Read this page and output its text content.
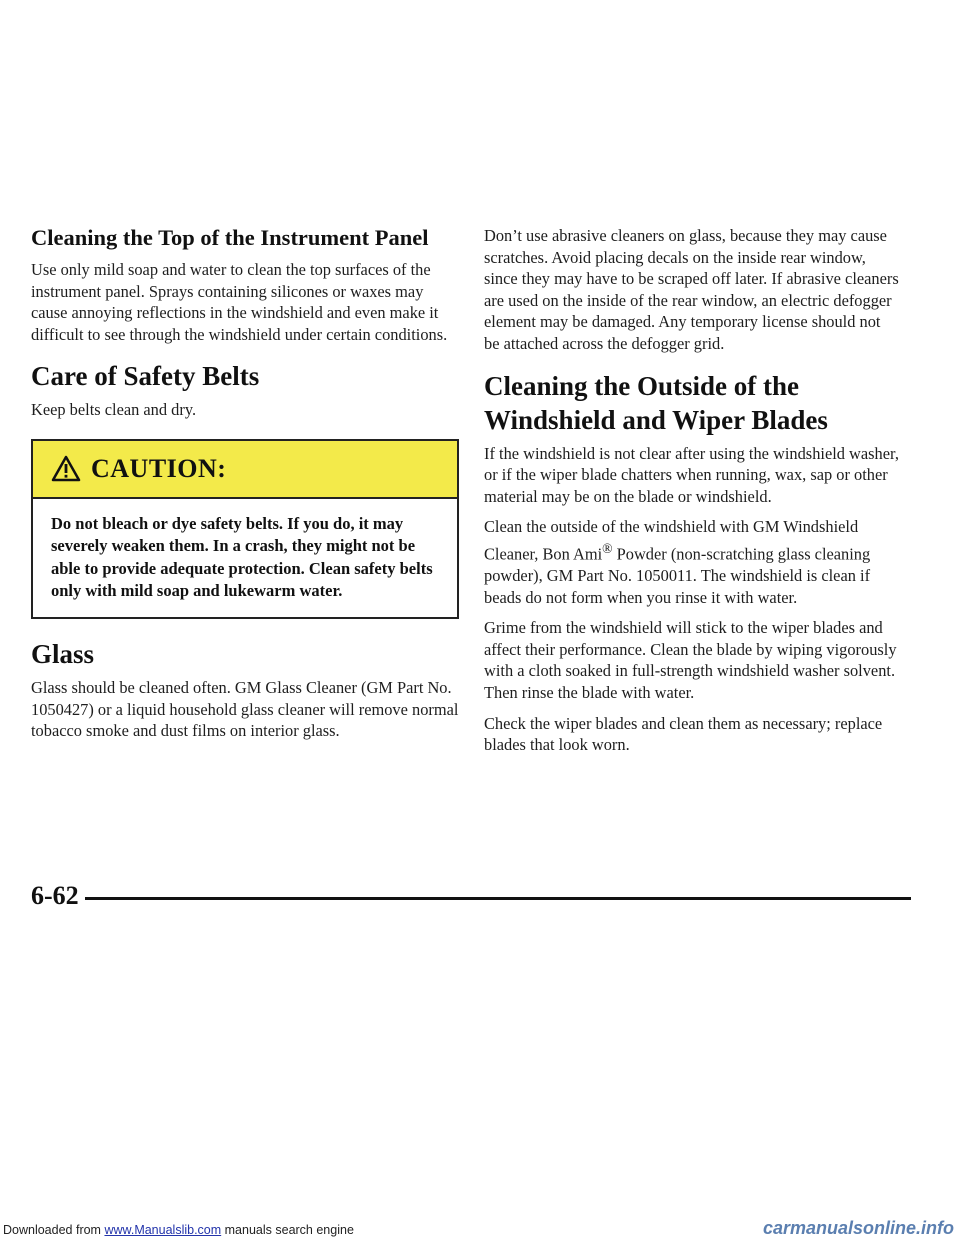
Cleaning the Top of the Instrument Panel

Use only mild soap and water to clean the top surfaces of the instrument panel. Sprays containing silicones or waxes may cause annoying reflections in the windshield and even make it difficult to see through the windshield under certain conditions.

Care of Safety Belts

Keep belts clean and dry.

CAUTION:
Do not bleach or dye safety belts. If you do, it may severely weaken them. In a crash, they might not be able to provide adequate protection. Clean safety belts only with mild soap and lukewarm water.
Glass

Glass should be cleaned often. GM Glass Cleaner (GM Part No. 1050427) or a liquid household glass cleaner will remove normal tobacco smoke and dust films on interior glass.

Don’t use abrasive cleaners on glass, because they may cause scratches. Avoid placing decals on the inside rear window, since they may have to be scraped off later. If abrasive cleaners are used on the inside of the rear window, an electric defogger element may be damaged. Any temporary license should not be attached across the defogger grid.

Cleaning the Outside of the
Windshield and Wiper Blades

If the windshield is not clear after using the windshield washer, or if the wiper blade chatters when running, wax, sap or other material may be on the blade or windshield.

Clean the outside of the windshield with GM Windshield Cleaner, Bon Ami® Powder (non-scratching glass cleaning powder), GM Part No. 1050011. The windshield is clean if beads do not form when you rinse it with water.

Grime from the windshield will stick to the wiper blades and affect their performance. Clean the blade by wiping vigorously with a cloth soaked in full-strength windshield washer solvent. Then rinse the blade with water.

Check the wiper blades and clean them as necessary; replace blades that look worn.

6-62
Downloaded from www.Manualslib.com manuals search engine	carmanualsonline.info
